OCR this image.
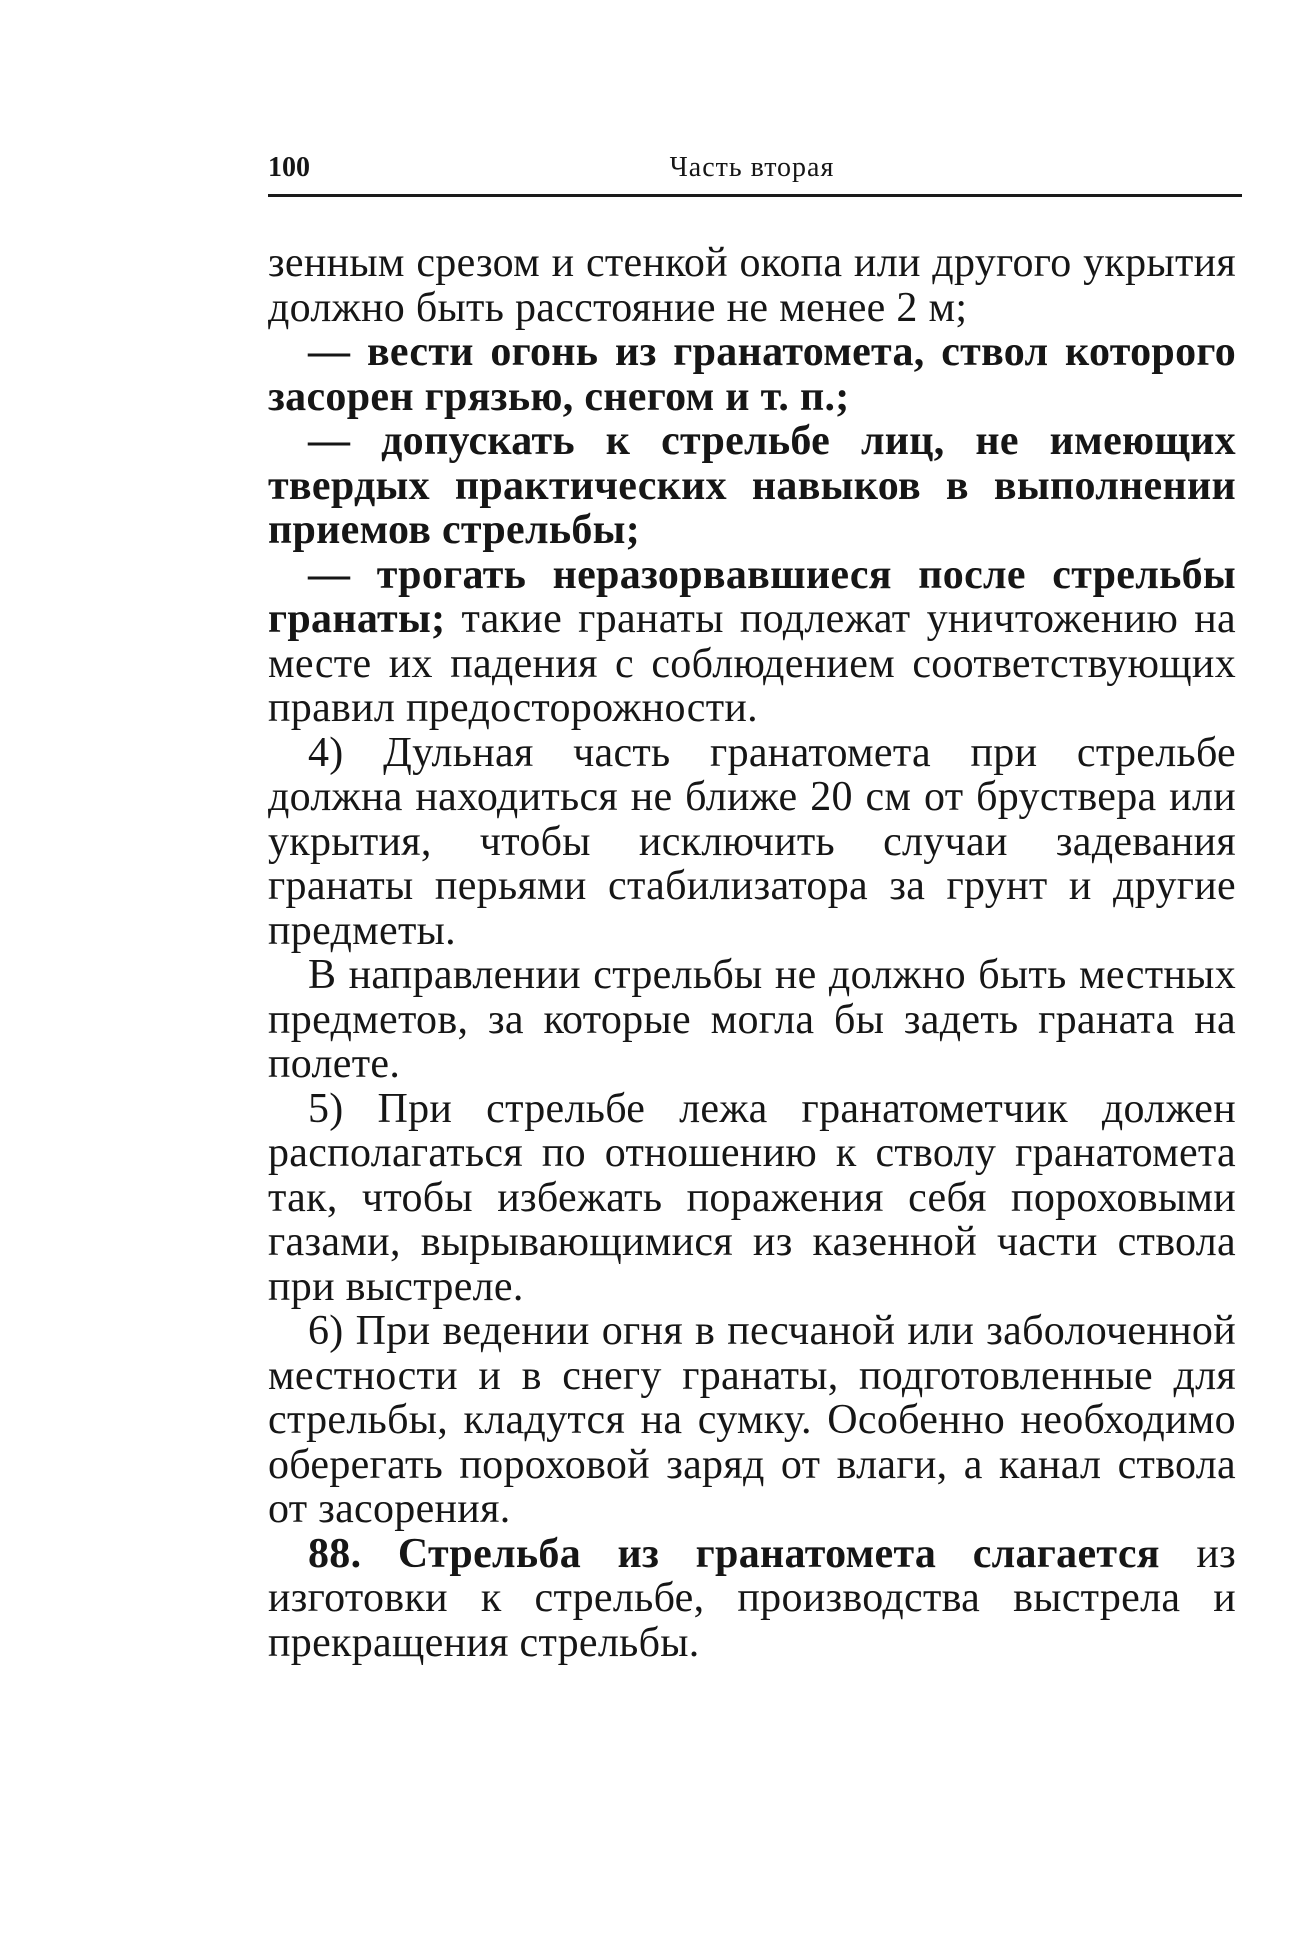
100	Часть вторая

зенным срезом и стенкой окопа или другого укрытия должно быть расстояние не менее 2 м;

— вести огонь из гранатомета, ствол которого засорен грязью, снегом и т. п.;

— допускать к стрельбе лиц, не имеющих твердых практических навыков в выполнении приемов стрельбы;

— трогать неразорвавшиеся после стрельбы гранаты; такие гранаты подлежат уничтожению на месте их падения с соблюдением соответствующих правил предосторожности.

4) Дульная часть гранатомета при стрельбе должна находиться не ближе 20 см от бруствера или укрытия, чтобы исключить случаи задевания гранаты перьями стабилизатора за грунт и другие предметы.

В направлении стрельбы не должно быть местных предметов, за которые могла бы задеть граната на полете.

5) При стрельбе лежа гранатометчик должен располагаться по отношению к стволу гранатомета так, чтобы избежать поражения себя пороховыми газами, вырывающимися из казенной части ствола при выстреле.

6) При ведении огня в песчаной или заболоченной местности и в снегу гранаты, подготовленные для стрельбы, кладутся на сумку. Особенно необходимо оберегать пороховой заряд от влаги, а канал ствола от засорения.

88. Стрельба из гранатомета слагается из изготовки к стрельбе, производства выстрела и прекращения стрельбы.
